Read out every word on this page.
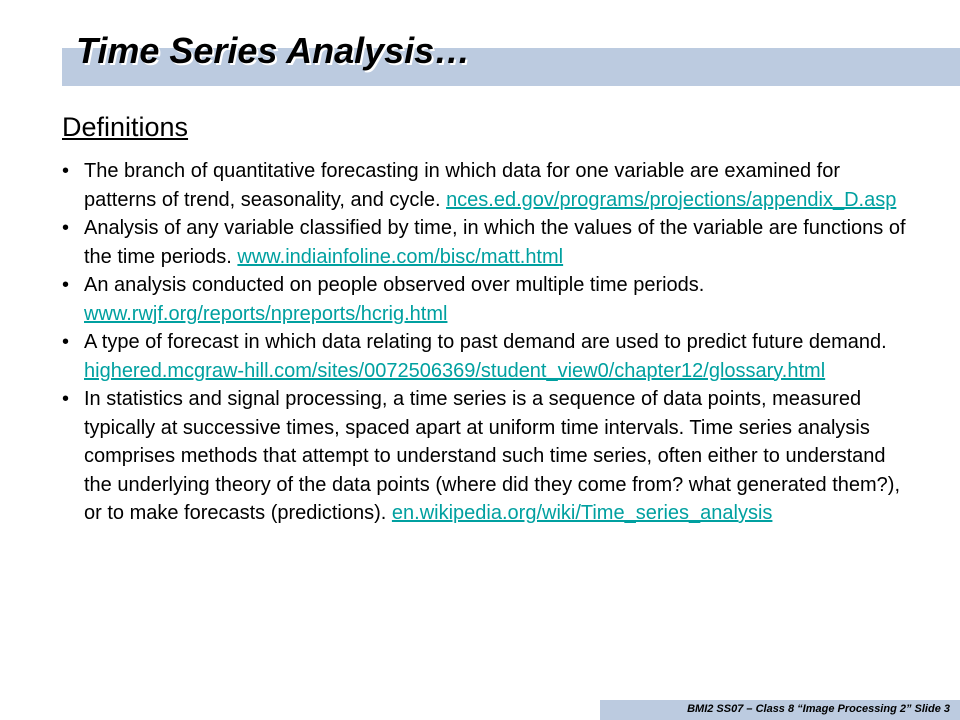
Time Series Analysis…
Definitions
• The branch of quantitative forecasting in which data for one variable are examined for patterns of trend, seasonality, and cycle. nces.ed.gov/programs/projections/appendix_D.asp
• Analysis of any variable classified by time, in which the values of the variable are functions of the time periods. www.indiainfoline.com/bisc/matt.html
• An analysis conducted on people observed over multiple time periods. www.rwjf.org/reports/npreports/hcrig.html
• A type of forecast in which data relating to past demand are used to predict future demand. highered.mcgraw-hill.com/sites/0072506369/student_view0/chapter12/glossary.html
• In statistics and signal processing, a time series is a sequence of data points, measured typically at successive times, spaced apart at uniform time intervals. Time series analysis comprises methods that attempt to understand such time series, often either to understand the underlying theory of the data points (where did they come from? what generated them?), or to make forecasts (predictions). en.wikipedia.org/wiki/Time_series_analysis
BMI2 SS07 – Class 8 “Image Processing 2” Slide 3
